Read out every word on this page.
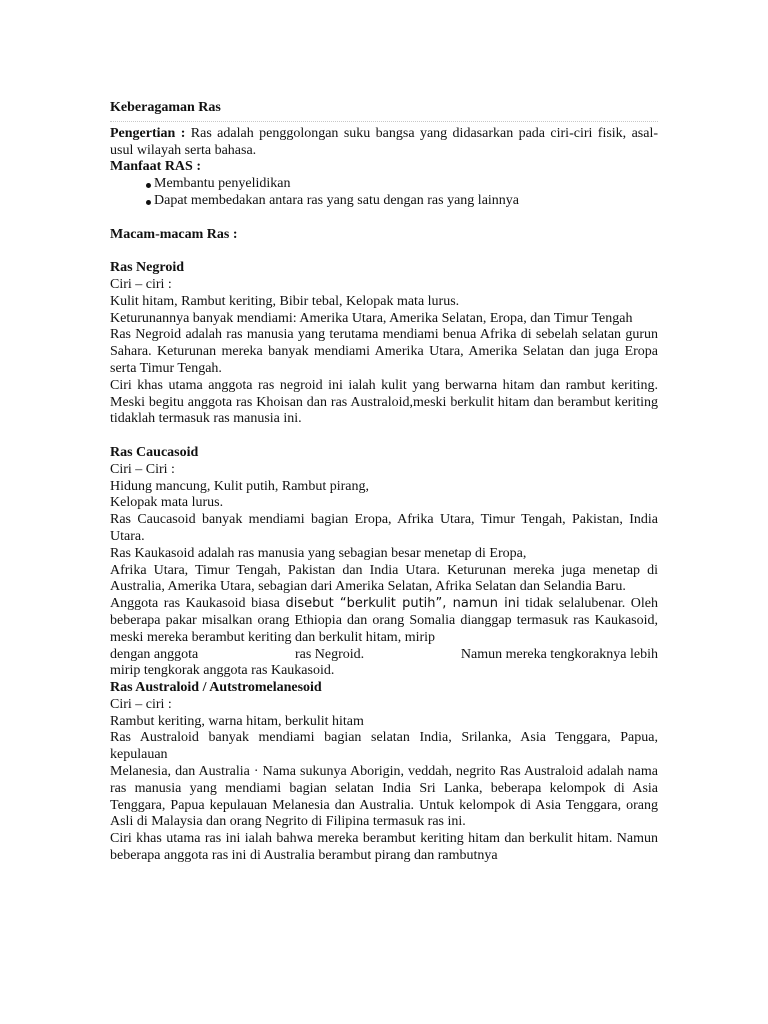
Keberagaman Ras

Pengertian : Ras adalah penggolongan suku bangsa yang didasarkan pada ciri-ciri fisik, asal-usul wilayah serta bahasa.

Manfaat RAS :

Membantu penyelidikan
Dapat membedakan antara ras yang satu dengan ras yang lainnya

Macam-macam Ras :

Ras Negroid

Ciri – ciri :

Kulit hitam, Rambut keriting, Bibir tebal, Kelopak mata lurus.

Keturunannya banyak mendiami: Amerika Utara, Amerika Selatan, Eropa, dan Timur Tengah

Ras Negroid adalah ras manusia yang terutama mendiami benua Afrika di sebelah selatan gurun Sahara. Keturunan mereka banyak mendiami Amerika Utara, Amerika Selatan dan juga Eropa serta Timur Tengah.

Ciri khas utama anggota ras negroid ini ialah kulit yang berwarna hitam dan rambut keriting. Meski begitu anggota ras Khoisan dan ras Australoid,meski berkulit hitam dan berambut keriting tidaklah termasuk ras manusia ini.

Ras Caucasoid

Ciri – Ciri :

Hidung mancung, Kulit putih, Rambut pirang,

Kelopak mata lurus.

Ras Caucasoid banyak mendiami bagian Eropa, Afrika Utara, Timur Tengah, Pakistan, India Utara.

Ras Kaukasoid adalah ras manusia yang sebagian besar menetap di Eropa,

Afrika Utara, Timur Tengah, Pakistan dan India Utara. Keturunan mereka juga menetap di Australia, Amerika Utara, sebagian dari Amerika Selatan, Afrika Selatan dan Selandia Baru.

Anggota ras Kaukasoid biasa disebut “berkulit putih”, namun ini tidak selalubenar. Oleh beberapa pakar misalkan orang Ethiopia dan orang Somalia dianggap termasuk ras Kaukasoid, meski mereka berambut keriting dan berkulit hitam, mirip

dengan anggota	ras Negroid.	Namun mereka tengkoraknya lebih

mirip tengkorak anggota ras Kaukasoid.

Ras Australoid / Autstromelanesoid

Ciri – ciri :

Rambut keriting, warna hitam, berkulit hitam

Ras Australoid banyak mendiami bagian selatan India, Srilanka, Asia Tenggara, Papua, kepulauan

Melanesia, dan Australia · Nama sukunya Aborigin, veddah, negrito Ras Australoid adalah nama ras manusia yang mendiami bagian selatan India Sri Lanka, beberapa kelompok di Asia Tenggara, Papua kepulauan Melanesia dan Australia. Untuk kelompok di Asia Tenggara, orang Asli di Malaysia dan orang Negrito di Filipina termasuk ras ini.

Ciri khas utama ras ini ialah bahwa mereka berambut keriting hitam dan berkulit hitam. Namun beberapa anggota ras ini di Australia berambut pirang dan rambutnya
